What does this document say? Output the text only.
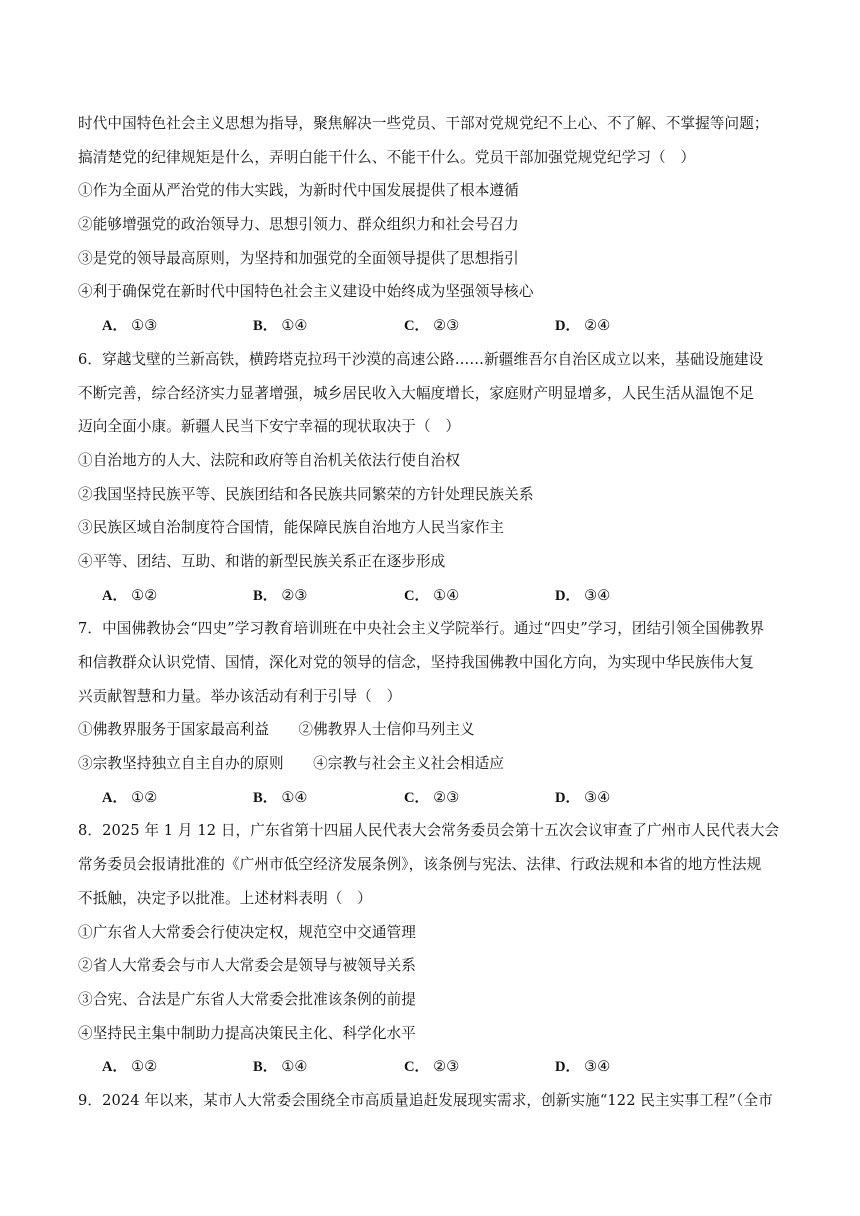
时代中国特色社会主义思想为指导，聚焦解决一些党员、干部对党规党纪不上心、不了解、不掌握等问题；
搞清楚党的纪律规矩是什么，弄明白能干什么、不能干什么。党员干部加强党规党纪学习（　）
①作为全面从严治党的伟大实践，为新时代中国发展提供了根本遵循
②能够增强党的政治领导力、思想引领力、群众组织力和社会号召力
③是党的领导最高原则，为坚持和加强党的全面领导提供了思想指引
④利于确保党在新时代中国特色社会主义建设中始终成为坚强领导核心
A． ①③	B． ①④	C． ②③	D． ②④
6．穿越戈壁的兰新高铁，横跨塔克拉玛干沙漠的高速公路……新疆维吾尔自治区成立以来，基础设施建设
不断完善，综合经济实力显著增强，城乡居民收入大幅度增长，家庭财产明显增多，人民生活从温饱不足
迈向全面小康。新疆人民当下安宁幸福的现状取决于（　）
①自治地方的人大、法院和政府等自治机关依法行使自治权
②我国坚持民族平等、民族团结和各民族共同繁荣的方针处理民族关系
③民族区域自治制度符合国情，能保障民族自治地方人民当家作主
④平等、团结、互助、和谐的新型民族关系正在逐步形成
A． ①②	B． ②③	C． ①④	D． ③④
7．中国佛教协会“四史”学习教育培训班在中央社会主义学院举行。通过“四史”学习，团结引领全国佛教界
和信教群众认识党情、国情，深化对党的领导的信念，坚持我国佛教中国化方向，为实现中华民族伟大复
兴贡献智慧和力量。举办该活动有利于引导（　）
①佛教界服务于国家最高利益　　②佛教界人士信仰马列主义
③宗教坚持独立自主自办的原则　　④宗教与社会主义社会相适应
A． ①②	B． ①④	C． ②③	D． ③④
8．2025 年 1 月 12 日，广东省第十四届人民代表大会常务委员会第十五次会议审查了广州市人民代表大会
常务委员会报请批准的《广州市低空经济发展条例》，该条例与宪法、法律、行政法规和本省的地方性法规
不抵触，决定予以批准。上述材料表明（　）
①广东省人大常委会行使决定权，规范空中交通管理
②省人大常委会与市人大常委会是领导与被领导关系
③合宪、合法是广东省人大常委会批准该条例的前提
④坚持民主集中制助力提高决策民主化、科学化水平
A． ①②	B． ①④	C． ②③	D． ③④
9．2024 年以来，某市人大常委会围绕全市高质量追赶发展现实需求，创新实施“122 民主实事工程”（全市
